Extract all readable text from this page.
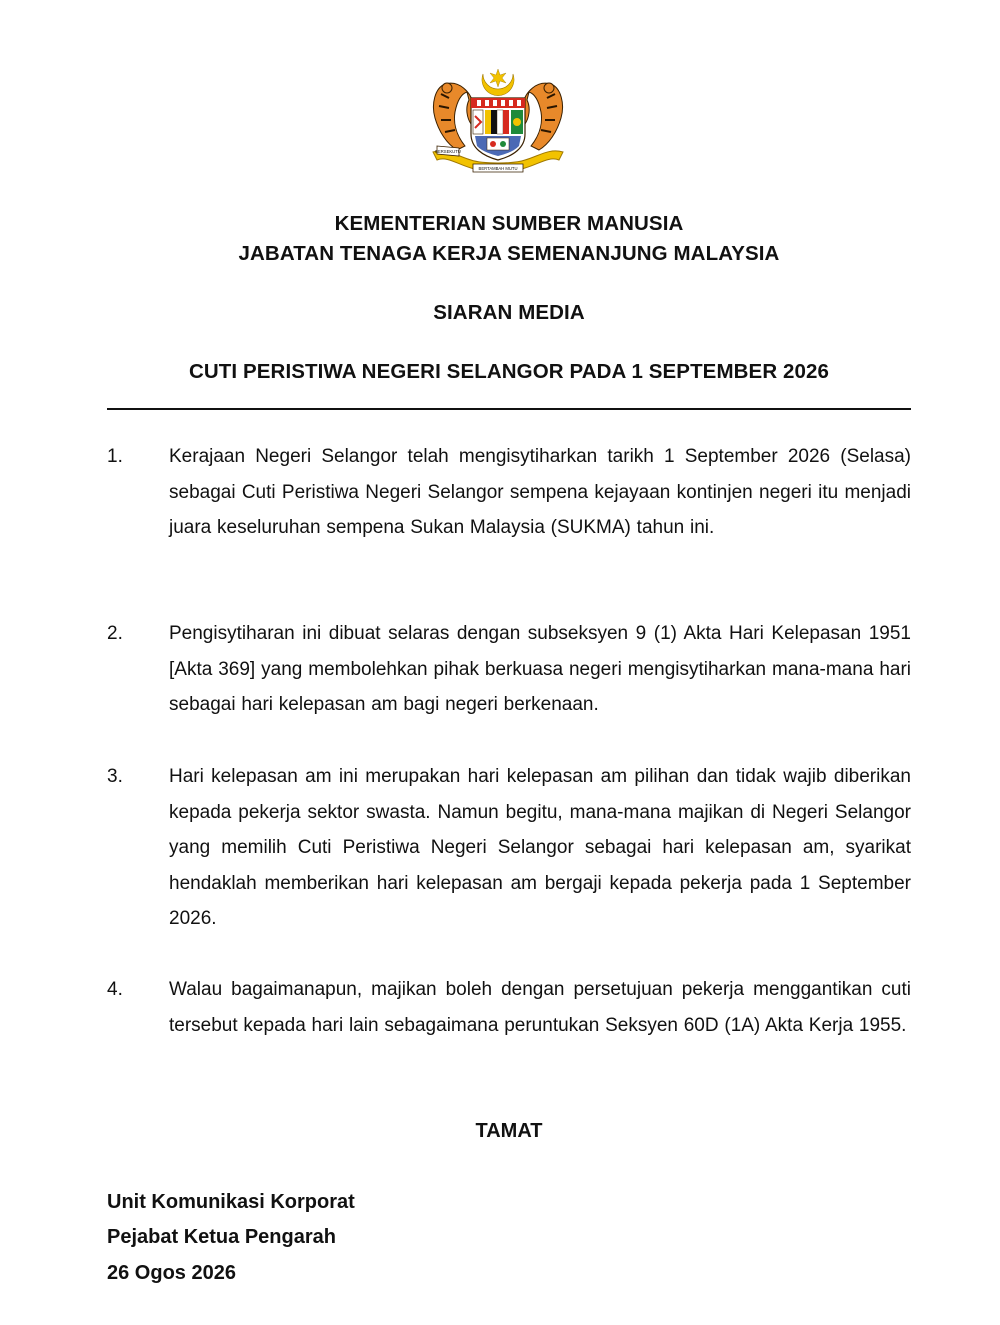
BERSEKUTU
BERTAMBAH MUTU
KEMENTERIAN SUMBER MANUSIA
JABATAN TENAGA KERJA SEMENANJUNG MALAYSIA
SIARAN MEDIA
CUTI PERISTIWA NEGERI SELANGOR PADA 1 SEPTEMBER 2026
1.	Kerajaan Negeri Selangor telah mengisytiharkan tarikh 1 September 2026 (Selasa) sebagai Cuti Peristiwa Negeri Selangor sempena kejayaan kontinjen negeri itu menjadi juara keseluruhan sempena Sukan Malaysia (SUKMA) tahun ini.
2.	Pengisytiharan ini dibuat selaras dengan subseksyen 9 (1) Akta Hari Kelepasan 1951 [Akta 369] yang membolehkan pihak berkuasa negeri mengisytiharkan mana-mana hari sebagai hari kelepasan am bagi negeri berkenaan.
3.	Hari kelepasan am ini merupakan hari kelepasan am pilihan dan tidak wajib diberikan kepada pekerja sektor swasta. Namun begitu, mana-mana majikan di Negeri Selangor yang memilih Cuti Peristiwa Negeri Selangor sebagai hari kelepasan am, syarikat hendaklah memberikan hari kelepasan am bergaji kepada pekerja pada 1 September 2026.
4.	Walau bagaimanapun, majikan boleh dengan persetujuan pekerja menggantikan cuti tersebut kepada hari lain sebagaimana peruntukan Seksyen 60D (1A) Akta Kerja 1955.
TAMAT
Unit Komunikasi Korporat
Pejabat Ketua Pengarah
26 Ogos 2026
